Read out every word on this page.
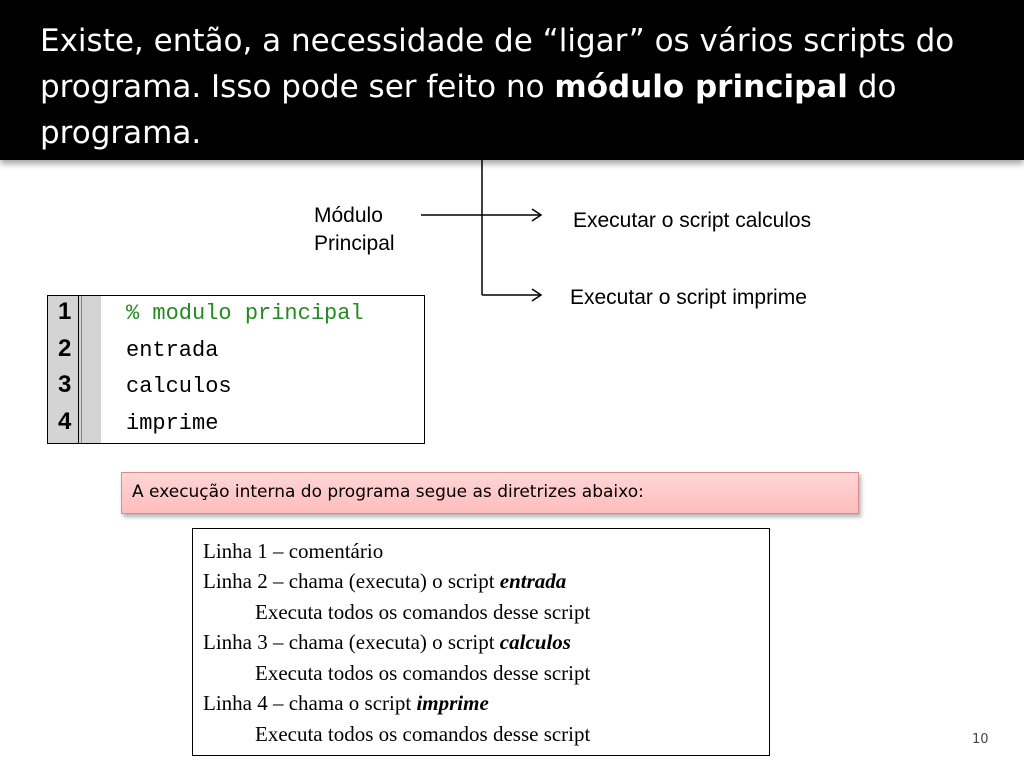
Módulo
Principal
Executar o script calculos
Executar o script imprime
Existe, então, a necessidade de “ligar” os vários scripts do programa. Isso pode ser feito no módulo principal do programa.
1 % modulo principal
2 entrada
3 calculos
4 imprime
A execução interna do programa segue as diretrizes abaixo:
Linha 1 – comentário
Linha 2 – chama (executa) o script entrada
Executa todos os comandos desse script
Linha 3 – chama (executa) o script calculos
Executa todos os comandos desse script
Linha 4 – chama o script imprime
Executa todos os comandos desse script	10
